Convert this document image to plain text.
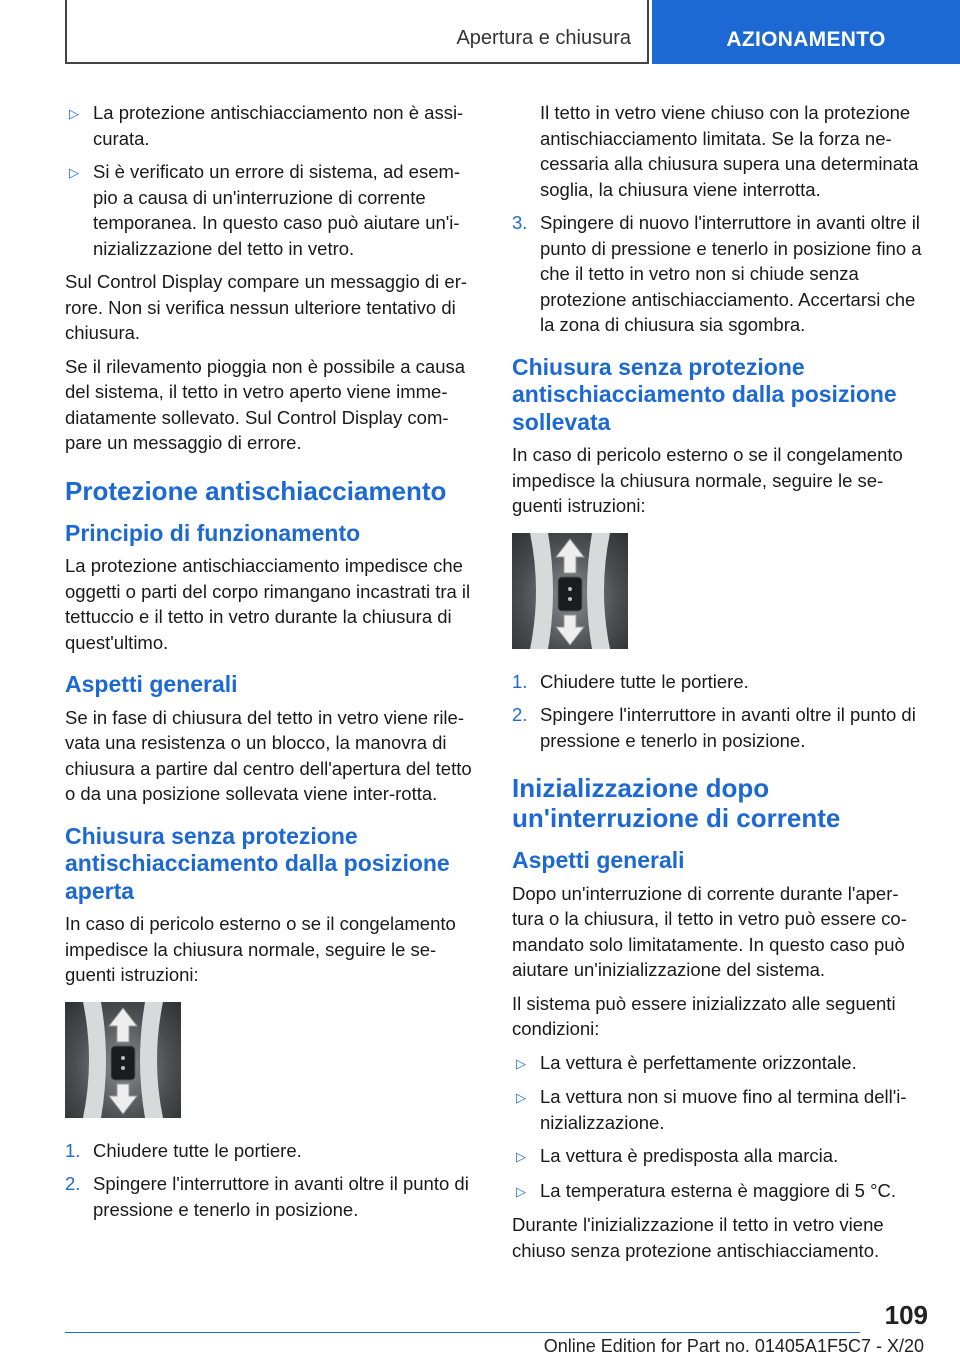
Apertura e chiusura	AZIONAMENTO
▷ La protezione antischiacciamento non è assi-curata.
▷ Si è verificato un errore di sistema, ad esem-pio a causa di un'interruzione di corrente temporanea. In questo caso può aiutare un'i-nizializzazione del tetto in vetro.

Sul Control Display compare un messaggio di er-rore. Non si verifica nessun ulteriore tentativo di chiusura.

Se il rilevamento pioggia non è possibile a causa del sistema, il tetto in vetro aperto viene imme-diatamente sollevato. Sul Control Display com-pare un messaggio di errore.

Protezione antischiacciamento
Principio di funzionamento

La protezione antischiacciamento impedisce che oggetti o parti del corpo rimangano incastrati tra il tettuccio e il tetto in vetro durante la chiusura di quest'ultimo.

Aspetti generali

Se in fase di chiusura del tetto in vetro viene rile-vata una resistenza o un blocco, la manovra di chiusura a partire dal centro dell'apertura del tetto o da una posizione sollevata viene inter-rotta.

Chiusura senza protezione antischiacciamento dalla posizione aperta

In caso di pericolo esterno o se il congelamento impedisce la chiusura normale, seguire le se-guenti istruzioni:

1. Chiudere tutte le portiere.
2. Spingere l'interruttore in avanti oltre il punto di pressione e tenerlo in posizione.

Il tetto in vetro viene chiuso con la protezione antischiacciamento limitata. Se la forza ne-cessaria alla chiusura supera una determinata soglia, la chiusura viene interrotta.

3. Spingere di nuovo l'interruttore in avanti oltre il punto di pressione e tenerlo in posizione fino a che il tetto in vetro non si chiude senza protezione antischiacciamento. Accertarsi che la zona di chiusura sia sgombra.
Chiusura senza protezione antischiacciamento dalla posizione sollevata

In caso di pericolo esterno o se il congelamento impedisce la chiusura normale, seguire le se-guenti istruzioni:

1. Chiudere tutte le portiere.
2. Spingere l'interruttore in avanti oltre il punto di pressione e tenerlo in posizione.
Inizializzazione dopo un'interruzione di corrente
Aspetti generali

Dopo un'interruzione di corrente durante l'aper-tura o la chiusura, il tetto in vetro può essere co-mandato solo limitatamente. In questo caso può aiutare un'inizializzazione del sistema.

Il sistema può essere inizializzato alle seguenti condizioni:

▷ La vettura è perfettamente orizzontale.
▷ La vettura non si muove fino al termina dell'i-nizializzazione.
▷ La vettura è predisposta alla marcia.
▷ La temperatura esterna è maggiore di 5 °C.

Durante l'inizializzazione il tetto in vetro viene chiuso senza protezione antischiacciamento.

109
Online Edition for Part no. 01405A1F5C7 - X/20
